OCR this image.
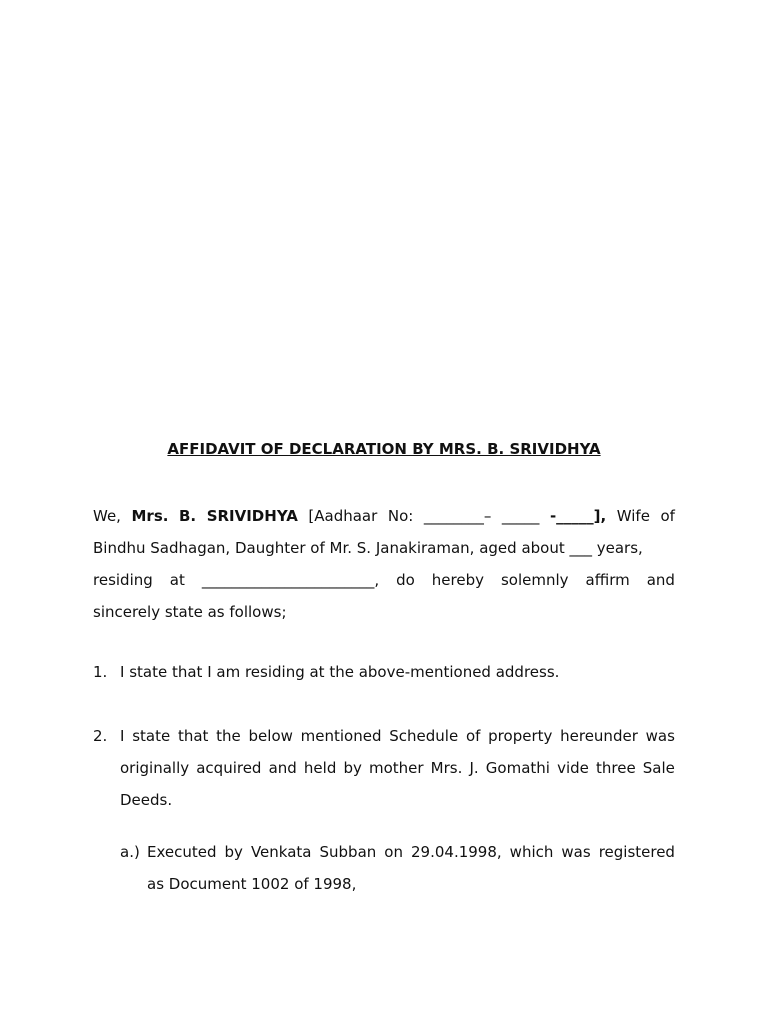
AFFIDAVIT OF DECLARATION BY MRS. B. SRIVIDHYA
We, Mrs. B. SRIVIDHYA [Aadhaar No: ________– _____ -_____], Wife of
Bindhu Sadhagan, Daughter of Mr. S. Janakiraman, aged about ___ years,
residing at _______________________, do hereby solemnly affirm and
sincerely state as follows;
1. I state that I am residing at the above-mentioned address.
2. I state that the below mentioned Schedule of property hereunder was
originally acquired and held by mother Mrs. J. Gomathi vide three Sale
Deeds.
a.) Executed by Venkata Subban on 29.04.1998, which was registered
as Document 1002 of 1998,
